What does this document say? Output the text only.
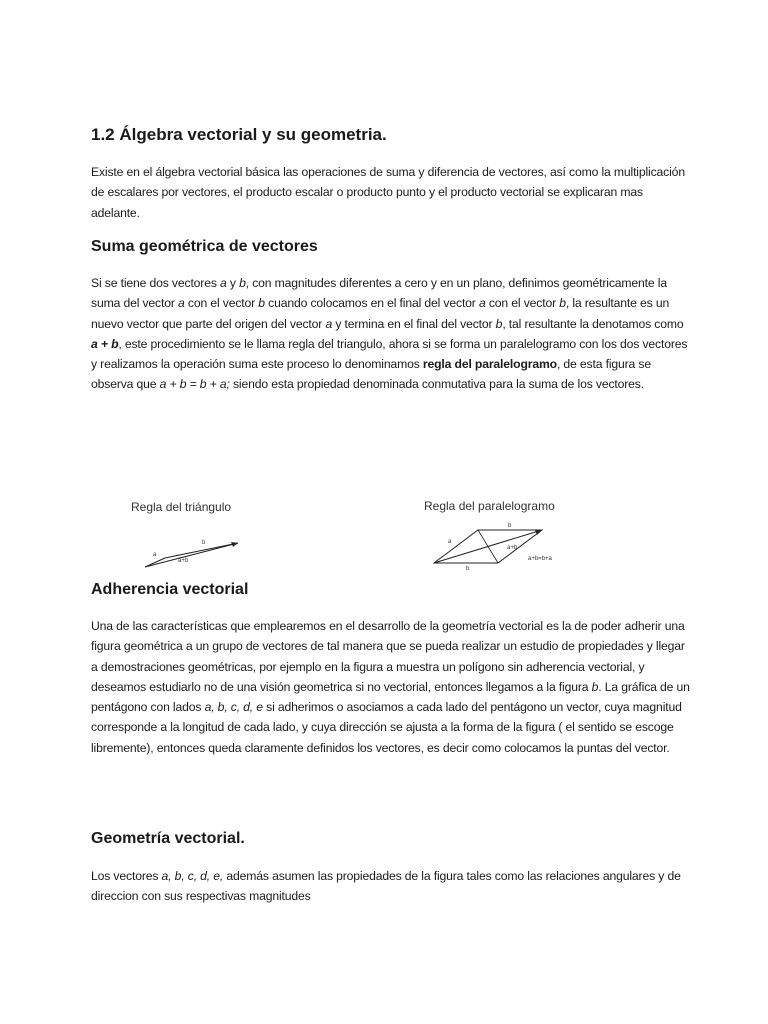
1.2 Álgebra vectorial y su geometria.

Existe en el álgebra vectorial básica las operaciones de suma y diferencia de vectores, así como la multiplicación de escalares por vectores, el producto escalar o producto punto y el producto vectorial se explicaran mas adelante.

Suma geométrica de vectores

Si se tiene dos vectores a y b, con magnitudes diferentes a cero y en un plano, definimos geométricamente la suma del vector a con el vector b cuando colocamos en el final del vector a con el vector b, la resultante es un nuevo vector que parte del origen del vector a y termina en el final del vector b, tal resultante la denotamos como a + b, este procedimiento se le llama regla del triangulo, ahora si se forma un paralelogramo con los dos vectores y realizamos la operación suma este proceso lo denominamos regla del paralelogramo, de esta figura se observa que a + b = b + a; siendo esta propiedad denominada conmutativa para la suma de los vectores.

Regla del triángulo
a
b
a+b
Regla del paralelogramo
a
b
b
a+b
a+b=b+a
Adherencia vectorial

Una de las características que emplearemos en el desarrollo de la geometría vectorial es la de poder adherir una figura geométrica a un grupo de vectores de tal manera que se pueda realizar un estudio de propiedades y llegar a demostraciones geométricas, por ejemplo en la figura a muestra un polígono sin adherencia vectorial, y deseamos estudiarlo no de una visión geometrica si no vectorial, entonces llegamos a la figura b. La gráfica de un pentágono con lados a, b, c, d, e si adherimos o asociamos a cada lado del pentágono un vector, cuya magnitud corresponde a la longitud de cada lado, y cuya dirección se ajusta a la forma de la figura ( el sentido se escoge libremente), entonces queda claramente definidos los vectores, es decir como colocamos la puntas del vector.

Geometría vectorial.

Los vectores a, b, c, d, e, además asumen las propiedades de la figura tales como las relaciones angulares y de direccion con sus respectivas magnitudes
